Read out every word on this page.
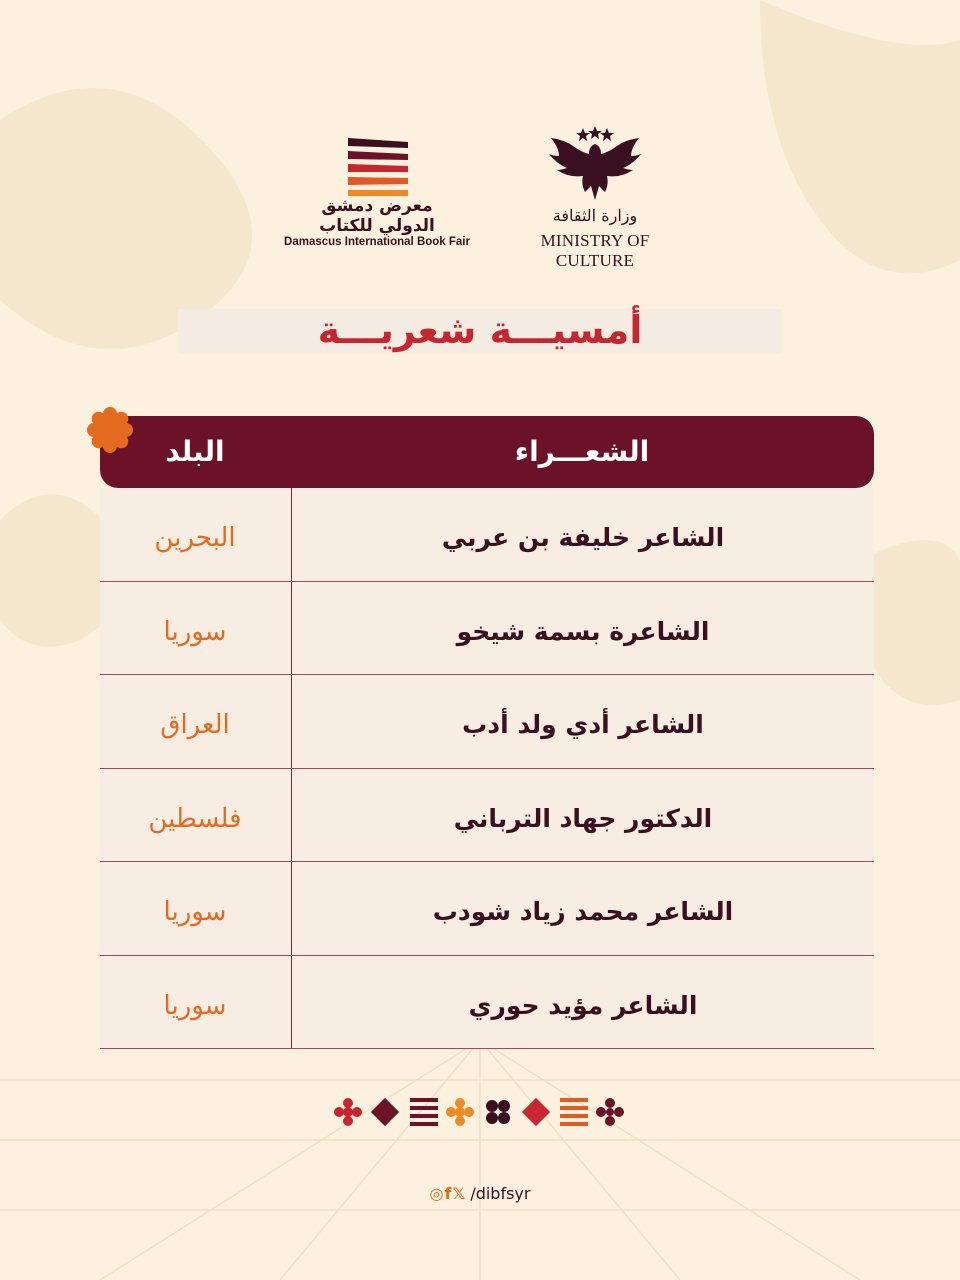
معرض دمشق
الدولي للكتاب
Damascus International Book Fair
وزارة الثقافة
MINISTRY OF CULTURE
أمسيـــة شعريـــة
البلد	الشعـــراء
البحرين	الشاعر خليفة بن عربي
سوريا	الشاعرة بسمة شيخو
العراق	الشاعر أدي ولد أدب
فلسطين	الدكتور جهاد الترباني
سوريا	الشاعر محمد زياد شودب
سوريا	الشاعر مؤيد حوري
◎f𝕏 /dibfsyr
